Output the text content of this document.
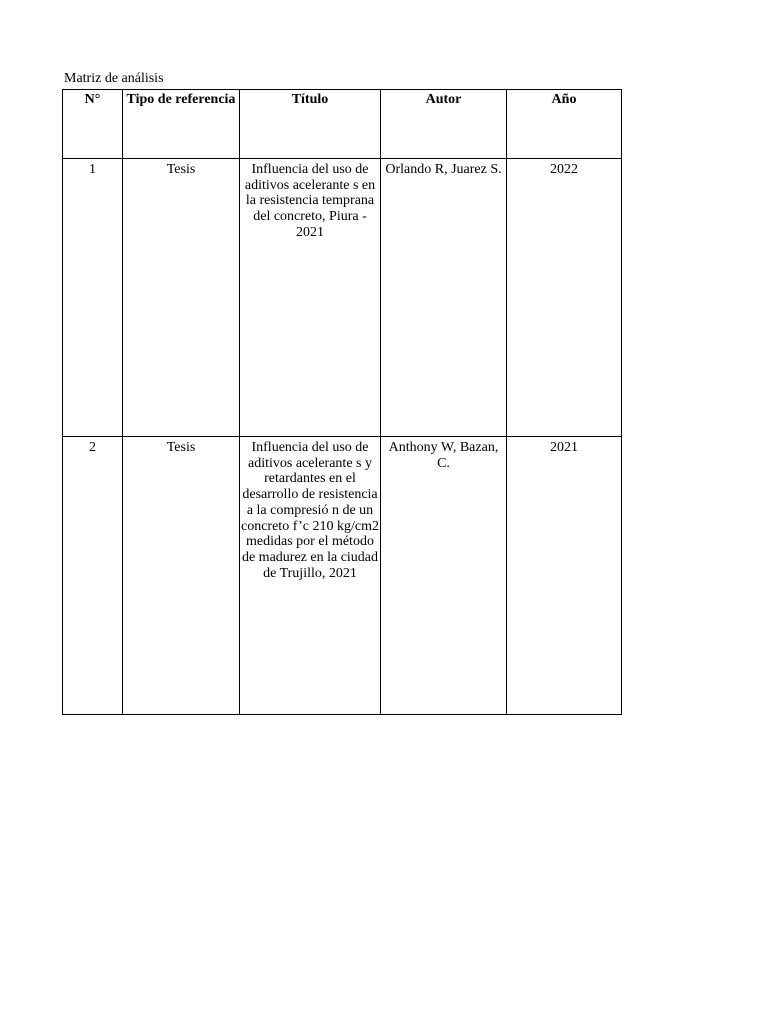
Matriz de análisis
N°	Tipo de referencia	Título	Autor	Año
1	Tesis	Influencia del uso de aditivos acelerante s en la resistencia temprana del concreto, Piura - 2021	Orlando R, Juarez S.	2022
2	Tesis	Influencia del uso de aditivos acelerante s y retardantes en el desarrollo de resistencia a la compresió n de un concreto f’c 210 kg/cm2 medidas por el método de madurez en la ciudad de Trujillo, 2021	Anthony W, Bazan, C.	2021
